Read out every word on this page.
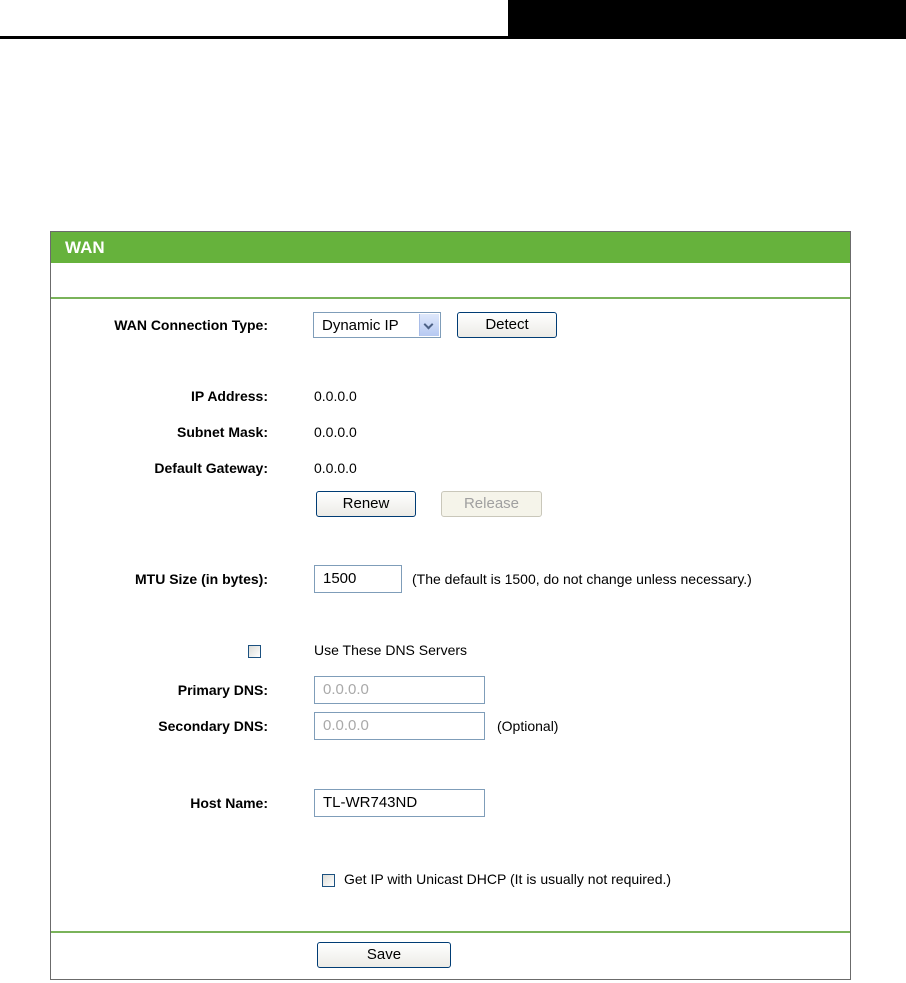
WAN
WAN Connection Type:	Dynamic IP	Detect
IP Address:	0.0.0.0
Subnet Mask:	0.0.0.0
Default Gateway:	0.0.0.0
Renew	Release
MTU Size (in bytes):	1500	(The default is 1500, do not change unless necessary.)
Use These DNS Servers
Primary DNS:	0.0.0.0
Secondary DNS:	0.0.0.0	(Optional)
Host Name:	TL-WR743ND
Get IP with Unicast DHCP (It is usually not required.)
Save
